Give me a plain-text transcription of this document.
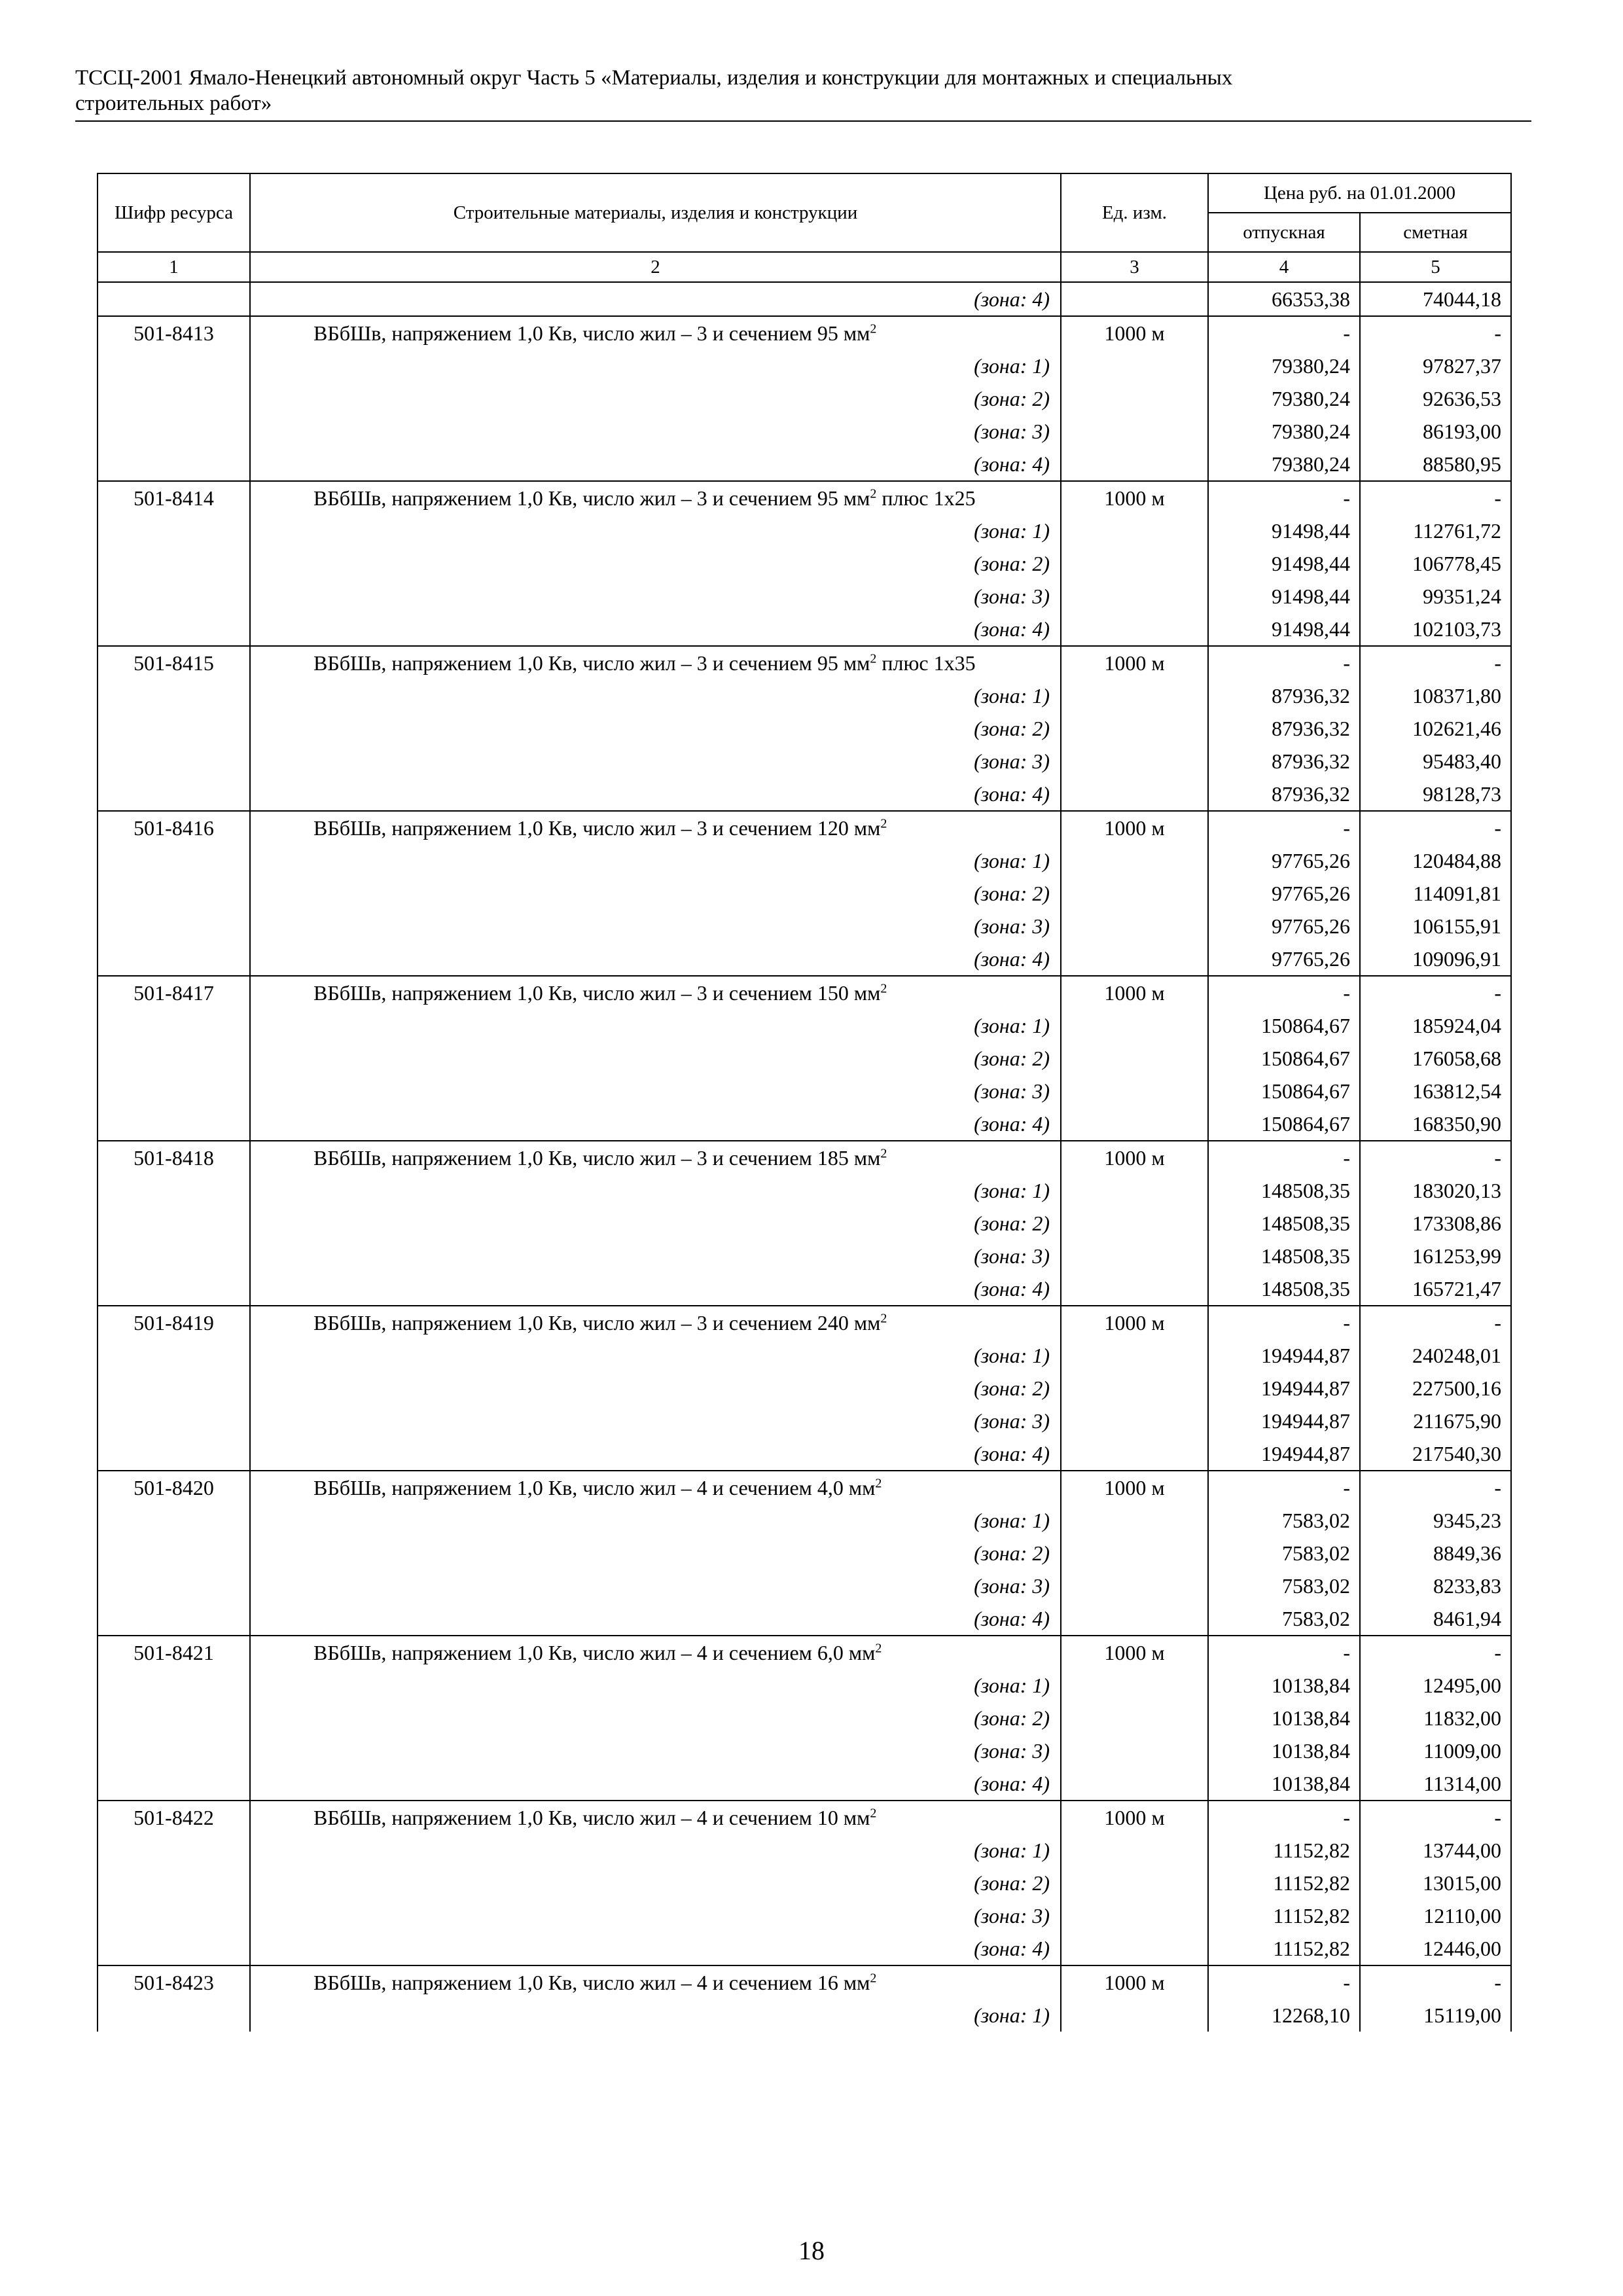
ТССЦ-2001 Ямало-Ненецкий автономный округ Часть 5 «Материалы, изделия и конструкции для монтажных и специальных
строительных работ»
Шифр ресурса	Строительные материалы, изделия и конструкции	Ед. изм.	Цена руб. на 01.01.2000	
			отпускная	сметная
1	2	3	4	5
	(зона: 4)		66353,38	74044,18
501-8413	ВБбШв, напряжением 1,0 Кв, число жил – 3 и сечением 95 $мм^2$	1000 м	-	-
	(зона: 1)		79380,24	97827,37
	(зона: 2)		79380,24	92636,53
	(зона: 3)		79380,24	86193,00
	(зона: 4)		79380,24	88580,95
501-8414	ВБбШв, напряжением 1,0 Кв, число жил – 3 и сечением 95 $мм^2$ плюс 1х25	1000 м	-	-
	(зона: 1)		91498,44	112761,72
	(зона: 2)		91498,44	106778,45
	(зона: 3)		91498,44	99351,24
	(зона: 4)		91498,44	102103,73
501-8415	ВБбШв, напряжением 1,0 Кв, число жил – 3 и сечением 95 $мм^2$ плюс 1х35	1000 м	-	-
	(зона: 1)		87936,32	108371,80
	(зона: 2)		87936,32	102621,46
	(зона: 3)		87936,32	95483,40
	(зона: 4)		87936,32	98128,73
501-8416	ВБбШв, напряжением 1,0 Кв, число жил – 3 и сечением 120 $мм^2$	1000 м	-	-
	(зона: 1)		97765,26	120484,88
	(зона: 2)		97765,26	114091,81
	(зона: 3)		97765,26	106155,91
	(зона: 4)		97765,26	109096,91
501-8417	ВБбШв, напряжением 1,0 Кв, число жил – 3 и сечением 150 $мм^2$	1000 м	-	-
	(зона: 1)		150864,67	185924,04
	(зона: 2)		150864,67	176058,68
	(зона: 3)		150864,67	163812,54
	(зона: 4)		150864,67	168350,90
501-8418	ВБбШв, напряжением 1,0 Кв, число жил – 3 и сечением 185 $мм^2$	1000 м	-	-
	(зона: 1)		148508,35	183020,13
	(зона: 2)		148508,35	173308,86
	(зона: 3)		148508,35	161253,99
	(зона: 4)		148508,35	165721,47
501-8419	ВБбШв, напряжением 1,0 Кв, число жил – 3 и сечением 240 $мм^2$	1000 м	-	-
	(зона: 1)		194944,87	240248,01
	(зона: 2)		194944,87	227500,16
	(зона: 3)		194944,87	211675,90
	(зона: 4)		194944,87	217540,30
501-8420	ВБбШв, напряжением 1,0 Кв, число жил – 4 и сечением 4,0 $мм^2$	1000 м	-	-
	(зона: 1)		7583,02	9345,23
	(зона: 2)		7583,02	8849,36
	(зона: 3)		7583,02	8233,83
	(зона: 4)		7583,02	8461,94
501-8421	ВБбШв, напряжением 1,0 Кв, число жил – 4 и сечением 6,0 $мм^2$	1000 м	-	-
	(зона: 1)		10138,84	12495,00
	(зона: 2)		10138,84	11832,00
	(зона: 3)		10138,84	11009,00
	(зона: 4)		10138,84	11314,00
501-8422	ВБбШв, напряжением 1,0 Кв, число жил – 4 и сечением 10 $мм^2$	1000 м	-	-
	(зона: 1)		11152,82	13744,00
	(зона: 2)		11152,82	13015,00
	(зона: 3)		11152,82	12110,00
	(зона: 4)		11152,82	12446,00
501-8423	ВБбШв, напряжением 1,0 Кв, число жил – 4 и сечением 16 $мм^2$	1000 м	-	-
	(зона: 1)		12268,10	15119,00
18
